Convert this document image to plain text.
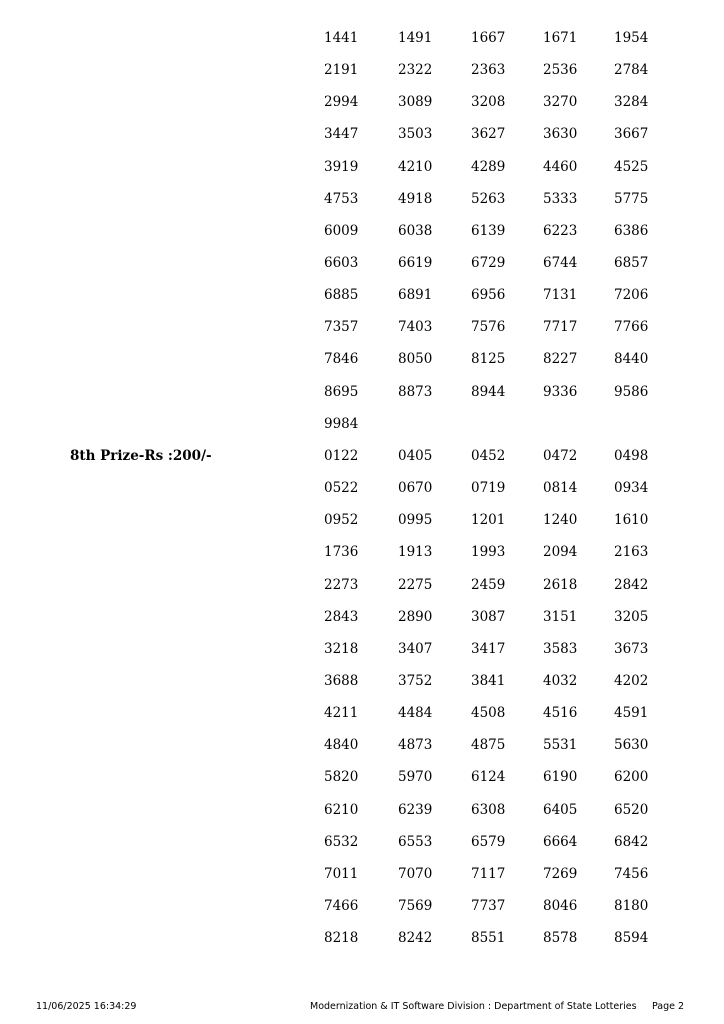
1441	1491	1667	1671	1954
2191	2322	2363	2536	2784
2994	3089	3208	3270	3284
3447	3503	3627	3630	3667
3919	4210	4289	4460	4525
4753	4918	5263	5333	5775
6009	6038	6139	6223	6386
6603	6619	6729	6744	6857
6885	6891	6956	7131	7206
7357	7403	7576	7717	7766
7846	8050	8125	8227	8440
8695	8873	8944	9336	9586
9984
8th Prize-Rs :200/-	0122	0405	0452	0472	0498
0522	0670	0719	0814	0934
0952	0995	1201	1240	1610
1736	1913	1993	2094	2163
2273	2275	2459	2618	2842
2843	2890	3087	3151	3205
3218	3407	3417	3583	3673
3688	3752	3841	4032	4202
4211	4484	4508	4516	4591
4840	4873	4875	5531	5630
5820	5970	6124	6190	6200
6210	6239	6308	6405	6520
6532	6553	6579	6664	6842
7011	7070	7117	7269	7456
7466	7569	7737	8046	8180
8218	8242	8551	8578	8594
11/06/2025 16:34:29	Modernization & IT Software Division : Department of State Lotteries Page 2
